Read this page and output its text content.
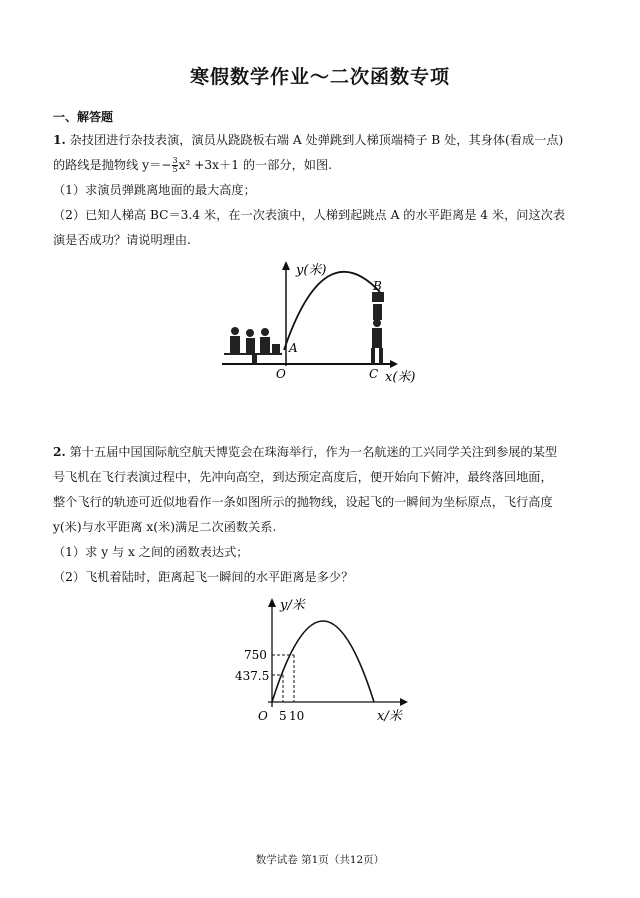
寒假数学作业～二次函数专项
一、解答题
1. 杂技团进行杂技表演，演员从跷跷板右端 A 处弹跳到人梯顶端椅子 B 处，其身体(看成一点)
的路线是抛物线 $y=- \frac{3}{5} x^2 +3x+1$ 的一部分，如图.
（1）求演员弹跳离地面的最大高度；
（2）已知人梯高 BC＝3.4 米，在一次表演中，人梯到起跳点 A 的水平距离是 4 米，问这次表
演是否成功？请说明理由.
y(米)
x(米)
O
A
B
C
2. 第十五届中国国际航空航天博览会在珠海举行，作为一名航迷的工兴同学关注到参展的某型
号飞机在飞行表演过程中，先冲向高空，到达预定高度后，便开始向下俯冲，最终落回地面，
整个飞行的轨迹可近似地看作一条如图所示的抛物线，设起飞的一瞬间为坐标原点，飞行高度
y(米)与水平距离 x(米)满足二次函数关系.
（1）求 y 与 x 之间的函数表达式；
（2）飞机着陆时，距离起飞一瞬间的水平距离是多少？
y/米
x/米
O
750
437.5
5 10
数学试卷 第1页（共12页）
